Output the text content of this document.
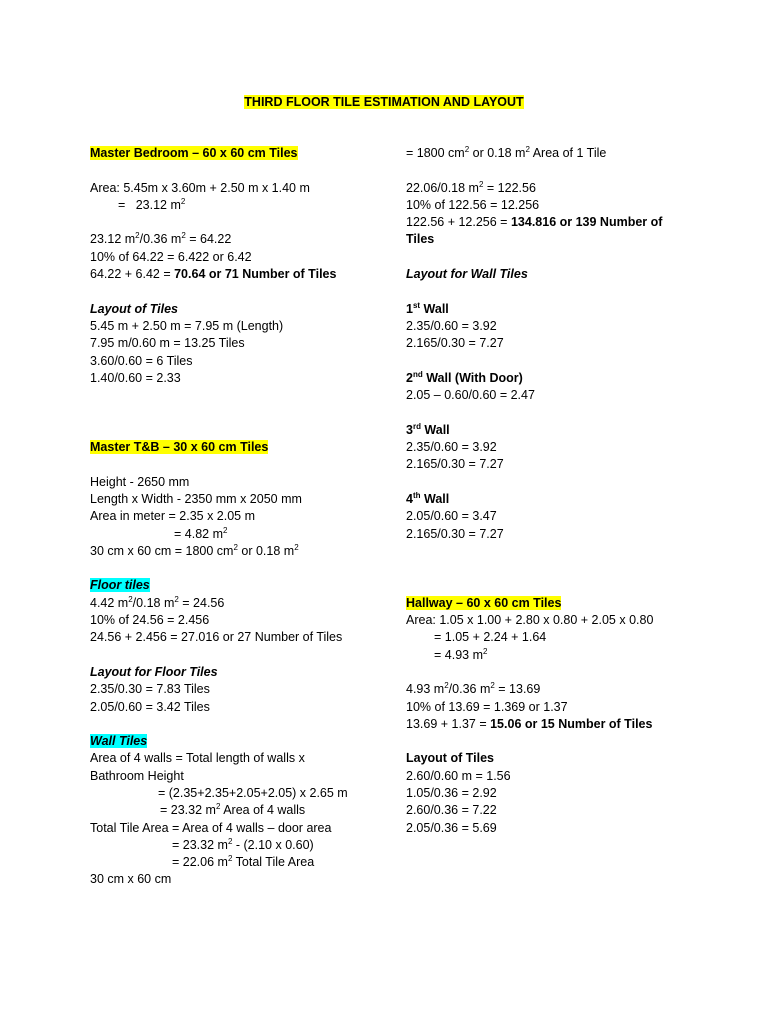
THIRD FLOOR TILE ESTIMATION AND LAYOUT
Master Bedroom – 60 x 60 cm Tiles
Area: 5.45m x 3.60m + 2.50 m x 1.40 m
=   23.12 $m^2$
23.12 $m^2/0.36$ $m^2 = 64.22$
10% of 64.22 = 6.422 or 6.42
64.22 + 6.42 = 70.64 or 71 Number of Tiles
Layout of Tiles
5.45 m + 2.50 m = 7.95 m (Length)
7.95 m/0.60 m = 13.25 Tiles
3.60/0.60 = 6 Tiles
1.40/0.60 = 2.33
Master T&B – 30 x 60 cm Tiles
Height - 2650 mm
Length x Width - 2350 mm x 2050 mm
Area in meter = 2.35 x 2.05 m
= 4.82 $m^2$
30 cm x 60 cm = 1800 $cm^2$ or 0.18 $m^2$
Floor tiles
4.42 $m^2/0.18$ $m^2 = 24.56$
10% of 24.56 = 2.456
24.56 + 2.456 = 27.016 or 27 Number of Tiles
Layout for Floor Tiles
2.35/0.30 = 7.83 Tiles
2.05/0.60 = 3.42 Tiles
Wall Tiles
Area of 4 walls = Total length of walls x
Bathroom Height
= (2.35+2.35+2.05+2.05) x 2.65 m
= 23.32 $m^2$ Area of 4 walls
Total Tile Area = Area of 4 walls – door area
= 23.32 $m^2 - (2.10$ x 0.60)
= 22.06 $m^2$ Total Tile Area
30 cm x 60 cm
= 1800 $cm^2$ or 0.18 $m^2$ Area of 1 Tile
22.06/0.18 $m^2 = 122.56$
10% of 122.56 = 12.256
122.56 + 12.256 = 134.816 or 139 Number of
Tiles
Layout for Wall Tiles
1st Wall
2.35/0.60 = 3.92
2.165/0.30 = 7.27
2nd Wall (With Door)
2.05 – 0.60/0.60 = 2.47
3rd Wall
2.35/0.60 = 3.92
2.165/0.30 = 7.27
4th Wall
2.05/0.60 = 3.47
2.165/0.30 = 7.27
Hallway – 60 x 60 cm Tiles
Area: 1.05 x 1.00 + 2.80 x 0.80 + 2.05 x 0.80
= 1.05 + 2.24 + 1.64
= 4.93 $m^2$
4.93 $m^2/0.36$ $m^2 = 13.69$
10% of 13.69 = 1.369 or 1.37
13.69 + 1.37 = 15.06 or 15 Number of Tiles
Layout of Tiles
2.60/0.60 m = 1.56
1.05/0.36 = 2.92
2.60/0.36 = 7.22
2.05/0.36 = 5.69
